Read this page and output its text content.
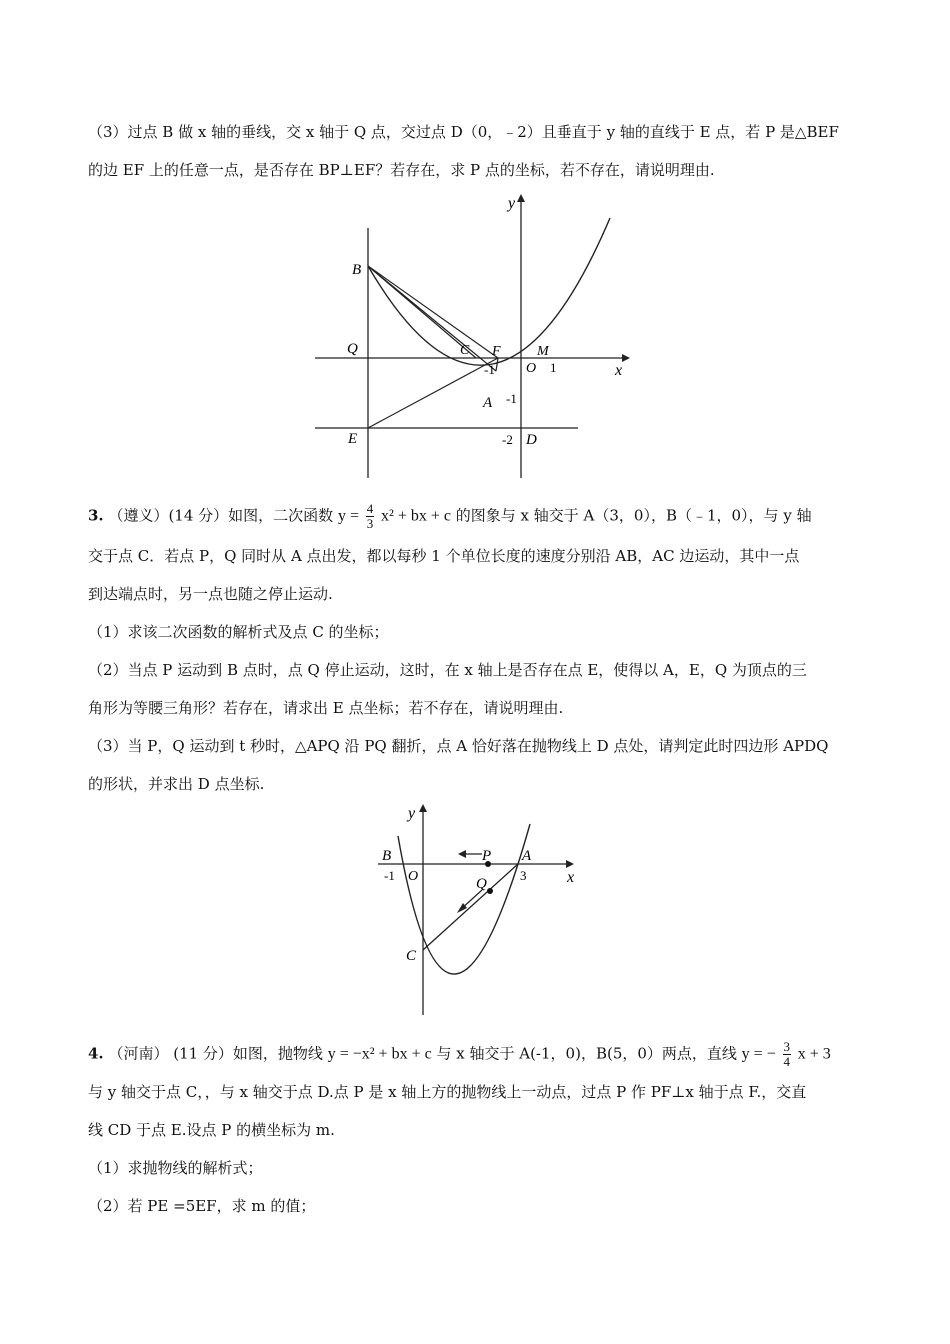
（3）过点 B 做 x 轴的垂线，交 x 轴于 Q 点，交过点 D（0，﹣2）且垂直于 y 轴的直线于 E 点，若 P 是△BEF
的边 EF 上的任意一点，是否存在 BP⊥EF？若存在，求 P 点的坐标，若不存在，请说明理由.
y
x
B
Q	C F	M
O 1
-1
A -1
E	-2 D
3. （遵义）(14 分）如图，二次函数 $y = \frac{4}{3} x^2$ + bx + c 的图象与 x 轴交于 A（3，0），B（﹣1，0），与 y 轴
交于点 C．若点 P，Q 同时从 A 点出发，都以每秒 1 个单位长度的速度分别沿 AB，AC 边运动，其中一点
到达端点时，另一点也随之停止运动.
（1）求该二次函数的解析式及点 C 的坐标；
（2）当点 P 运动到 B 点时，点 Q 停止运动，这时，在 x 轴上是否存在点 E，使得以 A，E，Q 为顶点的三
角形为等腰三角形？若存在，请求出 E 点坐标；若不存在，请说明理由.
（3）当 P，Q 运动到 t 秒时，△APQ 沿 PQ 翻折，点 A 恰好落在抛物线上 D 点处，请判定此时四边形 APDQ
的形状，并求出 D 点坐标.
y
x
B	P A
Q
-1 O	3
C
4. （河南） (11 分）如图，抛物线 y = −x² + bx + c 与 x 轴交于 A(-1，0)，B(5，0）两点，直线 y = − $\frac{3}{4}$ x + 3
与 y 轴交于点 C，，与 x 轴交于点 D.点 P 是 x 轴上方的抛物线上一动点，过点 P 作 PF⊥x 轴于点 F.，交直
线 CD 于点 E.设点 P 的横坐标为 m.
（1）求抛物线的解析式；
（2）若 PE =5EF，求 m 的值；
